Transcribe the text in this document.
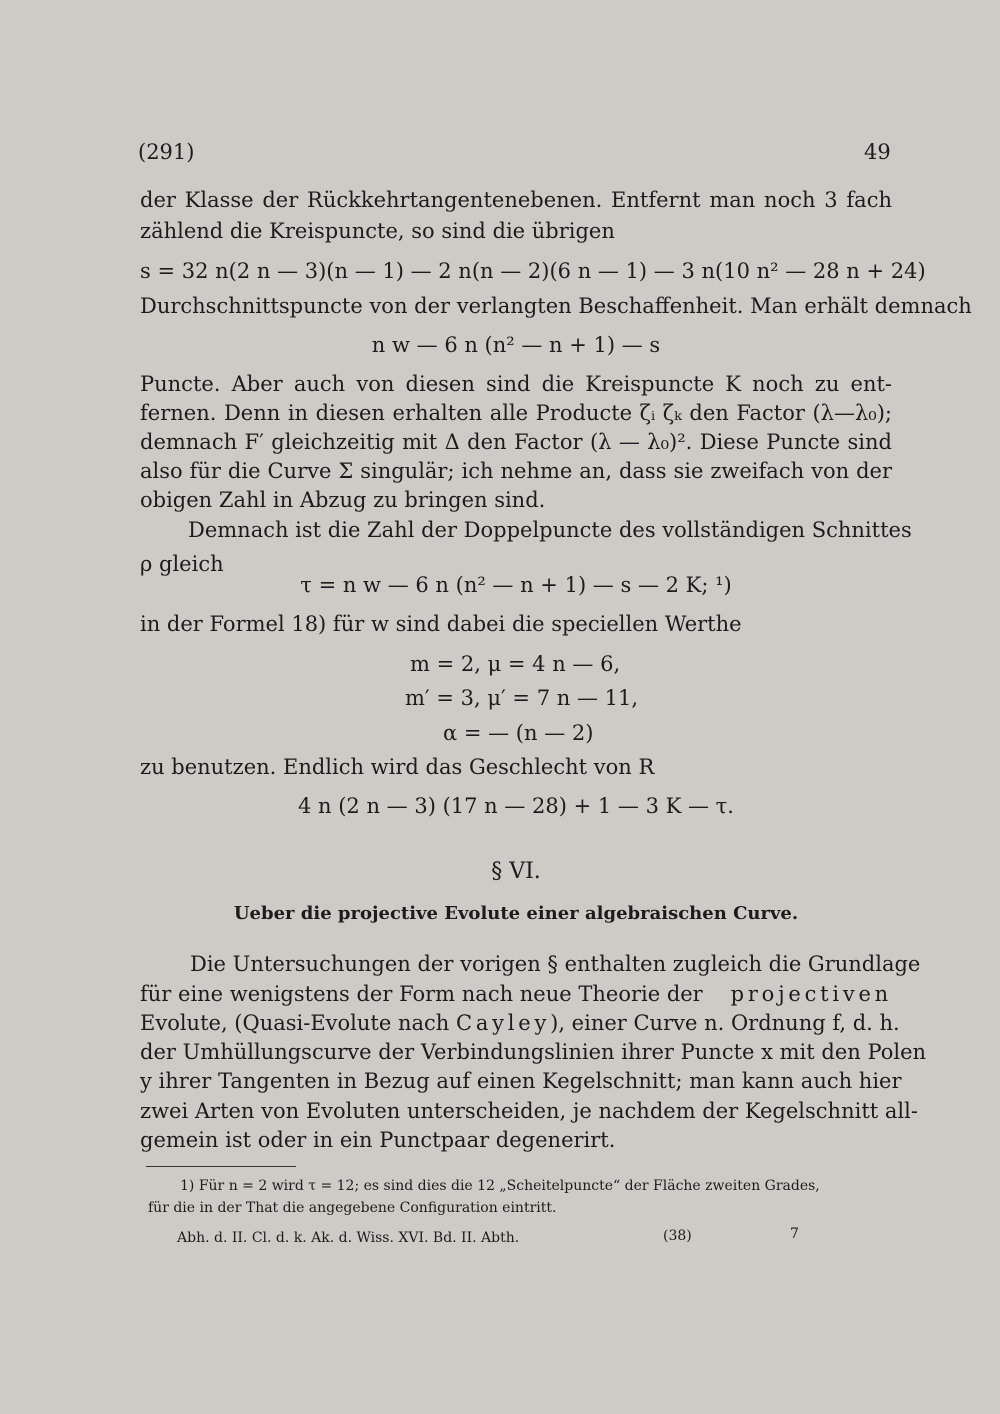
(291)	49
der Klasse der Rückkehrtangentenebenen. Entfernt man noch 3 fach
zählend die Kreispuncte, so sind die übrigen
s = 32 n(2 n — 3)(n — 1) — 2 n(n — 2)(6 n — 1) — 3 n(10 n² — 28 n + 24)
Durchschnittspuncte von der verlangten Beschaffenheit. Man erhält demnach
n w — 6 n (n² — n + 1) — s
Puncte. Aber auch von diesen sind die Kreispuncte K noch zu ent-
fernen. Denn in diesen erhalten alle Producte ζᵢ ζₖ den Factor (λ—λ₀);
demnach F′ gleichzeitig mit Δ den Factor (λ — λ₀)². Diese Puncte sind
also für die Curve Σ singulär; ich nehme an, dass sie zweifach von der
obigen Zahl in Abzug zu bringen sind.
Demnach ist die Zahl der Doppelpuncte des vollständigen Schnittes
ρ gleich
τ = n w — 6 n (n² — n + 1) — s — 2 K; ¹)
in der Formel 18) für w sind dabei die speciellen Werthe
m = 2, μ = 4 n — 6,
m′ = 3, μ′ = 7 n — 11,
α = — (n — 2)
zu benutzen. Endlich wird das Geschlecht von R
4 n (2 n — 3) (17 n — 28) + 1 — 3 K — τ.
§ VI.
Ueber die projective Evolute einer algebraischen Curve.
Die Untersuchungen der vorigen § enthalten zugleich die Grundlage
für eine wenigstens der Form nach neue Theorie der projectiven
Evolute, (Quasi-Evolute nach Cayley), einer Curve n. Ordnung f, d. h.
der Umhüllungscurve der Verbindungslinien ihrer Puncte x mit den Polen
y ihrer Tangenten in Bezug auf einen Kegelschnitt; man kann auch hier
zwei Arten von Evoluten unterscheiden, je nachdem der Kegelschnitt all-
gemein ist oder in ein Punctpaar degenerirt.
1) Für n = 2 wird τ = 12; es sind dies die 12 „Scheitelpuncte“ der Fläche zweiten Grades,
für die in der That die angegebene Configuration eintritt.
Abh. d. II. Cl. d. k. Ak. d. Wiss. XVI. Bd. II. Abth.	(38)	7
